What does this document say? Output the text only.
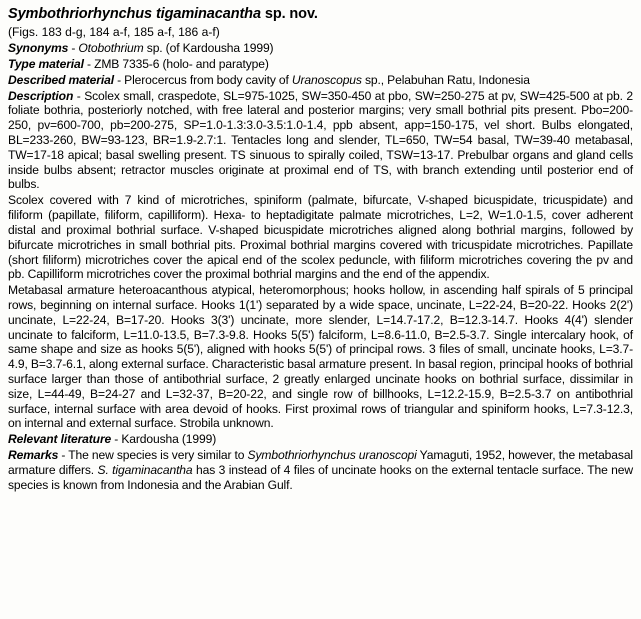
Symbothriorhynchus tigaminacantha sp. nov.

(Figs. 183 d-g, 184 a-f, 185 a-f, 186 a-f)

Synonyms - Otobothrium sp. (of Kardousha 1999)

Type material - ZMB 7335-6 (holo- and paratype)

Described material - Plerocercus from body cavity of Uranoscopus sp., Pelabuhan Ratu, Indonesia

Description - Scolex small, craspedote, SL=975-1025, SW=350-450 at pbo, SW=250-275 at pv, SW=425-500 at pb. 2 foliate bothria, posteriorly notched, with free lateral and posterior margins; very small bothrial pits present. Pbo=200-250, pv=600-700, pb=200-275, SP=1.0-1.3:3.0-3.5:1.0-1.4, ppb absent, app=150-175, vel short. Bulbs elongated, BL=233-260, BW=93-123, BR=1.9-2.7:1. Tentacles long and slender, TL=650, TW=54 basal, TW=39-40 metabasal, TW=17-18 apical; basal swelling present. TS sinuous to spirally coiled, TSW=13-17. Prebulbar organs and gland cells inside bulbs absent; retractor muscles originate at proximal end of TS, with branch extending until posterior end of bulbs.

Scolex covered with 7 kind of microtriches, spiniform (palmate, bifurcate, V-shaped bicuspidate, tricuspidate) and filiform (papillate, filiform, capilliform). Hexa- to heptadigitate palmate microtriches, L=2, W=1.0-1.5, cover adherent distal and proximal bothrial surface. V-shaped bicuspidate microtriches aligned along bothrial margins, followed by bifurcate microtriches in small bothrial pits. Proximal bothrial margins covered with tricuspidate microtriches. Papillate (short filiform) microtriches cover the apical end of the scolex peduncle, with filiform microtriches covering the pv and pb. Capilliform microtriches cover the proximal bothrial margins and the end of the appendix.

Metabasal armature heteroacanthous atypical, heteromorphous; hooks hollow, in ascending half spirals of 5 principal rows, beginning on internal surface. Hooks 1(1') separated by a wide space, uncinate, L=22-24, B=20-22. Hooks 2(2') uncinate, L=22-24, B=17-20. Hooks 3(3') uncinate, more slender, L=14.7-17.2, B=12.3-14.7. Hooks 4(4') slender uncinate to falciform, L=11.0-13.5, B=7.3-9.8. Hooks 5(5') falciform, L=8.6-11.0, B=2.5-3.7. Single intercalary hook, of same shape and size as hooks 5(5'), aligned with hooks 5(5') of principal rows. 3 files of small, uncinate hooks, L=3.7-4.9, B=3.7-6.1, along external surface. Characteristic basal armature present. In basal region, principal hooks of bothrial surface larger than those of antibothrial surface, 2 greatly enlarged uncinate hooks on bothrial surface, dissimilar in size, L=44-49, B=24-27 and L=32-37, B=20-22, and single row of billhooks, L=12.2-15.9, B=2.5-3.7 on antibothrial surface, internal surface with area devoid of hooks. First proximal rows of triangular and spiniform hooks, L=7.3-12.3, on internal and external surface. Strobila unknown.

Relevant literature - Kardousha (1999)

Remarks - The new species is very similar to Symbothriorhynchus uranoscopi Yamaguti, 1952, however, the metabasal armature differs. S. tigaminacantha has 3 instead of 4 files of uncinate hooks on the external tentacle surface. The new species is known from Indonesia and the Arabian Gulf.
